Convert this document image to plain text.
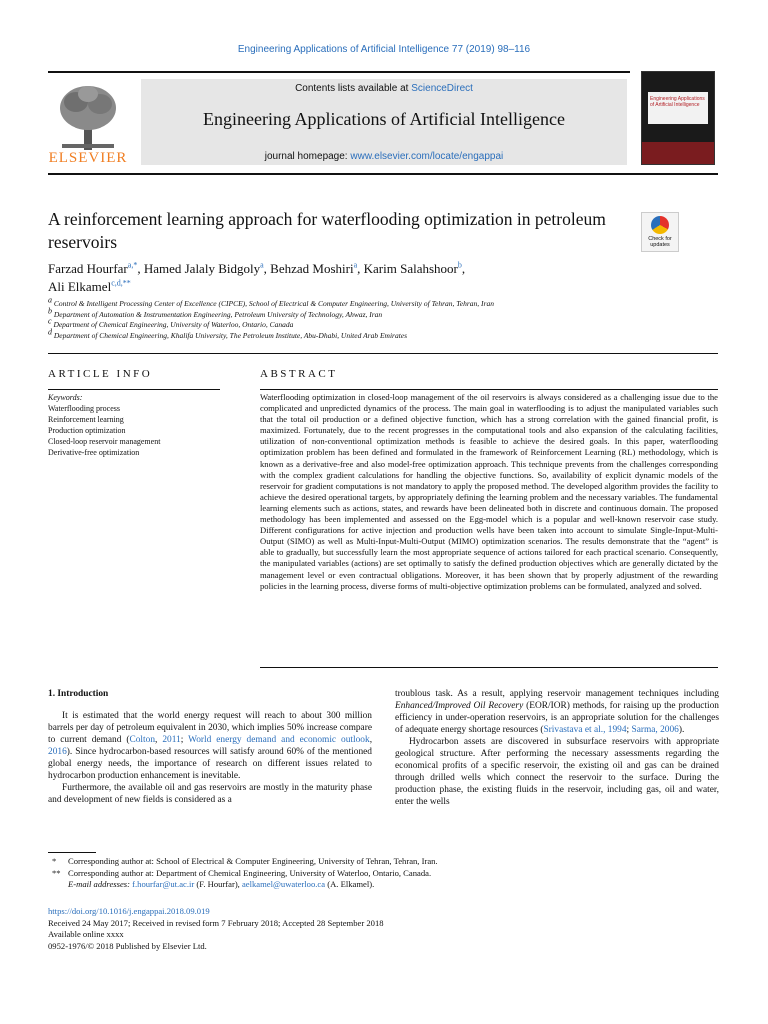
Engineering Applications of Artificial Intelligence 77 (2019) 98–116
ELSEVIER
Contents lists available at ScienceDirect
Engineering Applications of Artificial Intelligence
journal homepage: www.elsevier.com/locate/engappai
Engineering Applications of Artificial Intelligence
A reinforcement learning approach for waterflooding optimization in petroleum reservoirs	Check for updates
Farzad Hourfar$^{a,*}$, Hamed Jalaly Bidgoly$^a$, Behzad Moshiri$^a$, Karim Salahshoor$^b$,
Ali Elkamel$^{c,d,**}$
$^a$ Control & Intelligent Processing Center of Excellence (CIPCE), School of Electrical & Computer Engineering, University of Tehran, Tehran, Iran
$^b$ Department of Automation & Instrumentation Engineering, Petroleum University of Technology, Ahwaz, Iran
$^c$ Department of Chemical Engineering, University of Waterloo, Ontario, Canada
$^d$ Department of Chemical Engineering, Khalifa University, The Petroleum Institute, Abu-Dhabi, United Arab Emirates
ARTICLE INFO	ABSTRACT
Keywords:
Waterflooding process
Reinforcement learning
Production optimization
Closed-loop reservoir management
Derivative-free optimization
Waterflooding optimization in closed-loop management of the oil reservoirs is always considered as a challenging issue due to the complicated and unpredicted dynamics of the process. The main goal in waterflooding is to adjust the manipulated variables such that the total oil production or a defined objective function, which has a strong correlation with the gained financial profit, is maximized. Fortunately, due to the recent progresses in the computational tools and also expansion of the calculating facilities, utilization of non-conventional optimization methods is feasible to achieve the desired goals. In this paper, waterflooding optimization problem has been defined and formulated in the framework of Reinforcement Learning (RL) methodology, which is known as a derivative-free and also model-free optimization approach. This technique prevents from the challenges corresponding with the complex gradient calculations for handling the objective functions. So, availability of explicit dynamic models of the reservoir for gradient computations is not mandatory to apply the proposed method. The developed algorithm provides the facility to achieve the desired operational targets, by appropriately defining the learning problem and the necessary variables. The fundamental learning elements such as actions, states, and rewards have been delineated both in discrete and continuous domain. The proposed methodology has been implemented and assessed on the Egg-model which is a popular and well-known reservoir case study. Different configurations for active injection and production wells have been taken into account to simulate Single-Input-Multi-Output (SIMO) as well as Multi-Input-Multi-Output (MIMO) optimization scenarios. The results demonstrate that the “agent” is able to gradually, but successfully learn the most appropriate sequence of actions tailored for each practical scenario. Consequently, the manipulated variables (actions) are set optimally to satisfy the defined production objectives which are generally dictated by the management level or even contractual obligations. Moreover, it has been shown that by properly adjustment of the rewarding policies in the learning process, diverse forms of multi-objective optimization problems can be formulated, analyzed and solved.

1. Introduction

It is estimated that the world energy request will reach to about 300 million barrels per day of petroleum equivalent in 2030, which implies 50% increase compare to current demand (Colton, 2011; World energy demand and economic outlook, 2016). Since hydrocarbon-based resources will satisfy around 60% of the mentioned global energy needs, the importance of research on different issues related to hydrocarbon production enhancement is inevitable.

Furthermore, the available oil and gas reservoirs are mostly in the maturity phase and development of new fields is considered as a

troublous task. As a result, applying reservoir management techniques including Enhanced/Improved Oil Recovery (EOR/IOR) methods, for raising up the production efficiency in under-operation reservoirs, is an appropriate solution for the challenges of adequate energy shortage resources (Srivastava et al., 1994; Sarma, 2006).

Hydrocarbon assets are discovered in subsurface reservoirs with appropriate geological structure. After performing the necessary assessments regarding the economical profits of a specific reservoir, the existing oil and gas can be drained through drilled wells which connect the reservoir to the surface. During the production phase, the existing fluids in the reservoir, including gas, oil and water, enter the wells

* Corresponding author at: School of Electrical & Computer Engineering, University of Tehran, Tehran, Iran.
** Corresponding author at: Department of Chemical Engineering, University of Waterloo, Ontario, Canada.
E-mail addresses: f.hourfar@ut.ac.ir (F. Hourfar), aelkamel@uwaterloo.ca (A. Elkamel).
https://doi.org/10.1016/j.engappai.2018.09.019
Received 24 May 2017; Received in revised form 7 February 2018; Accepted 28 September 2018
Available online xxxx
0952-1976/© 2018 Published by Elsevier Ltd.
